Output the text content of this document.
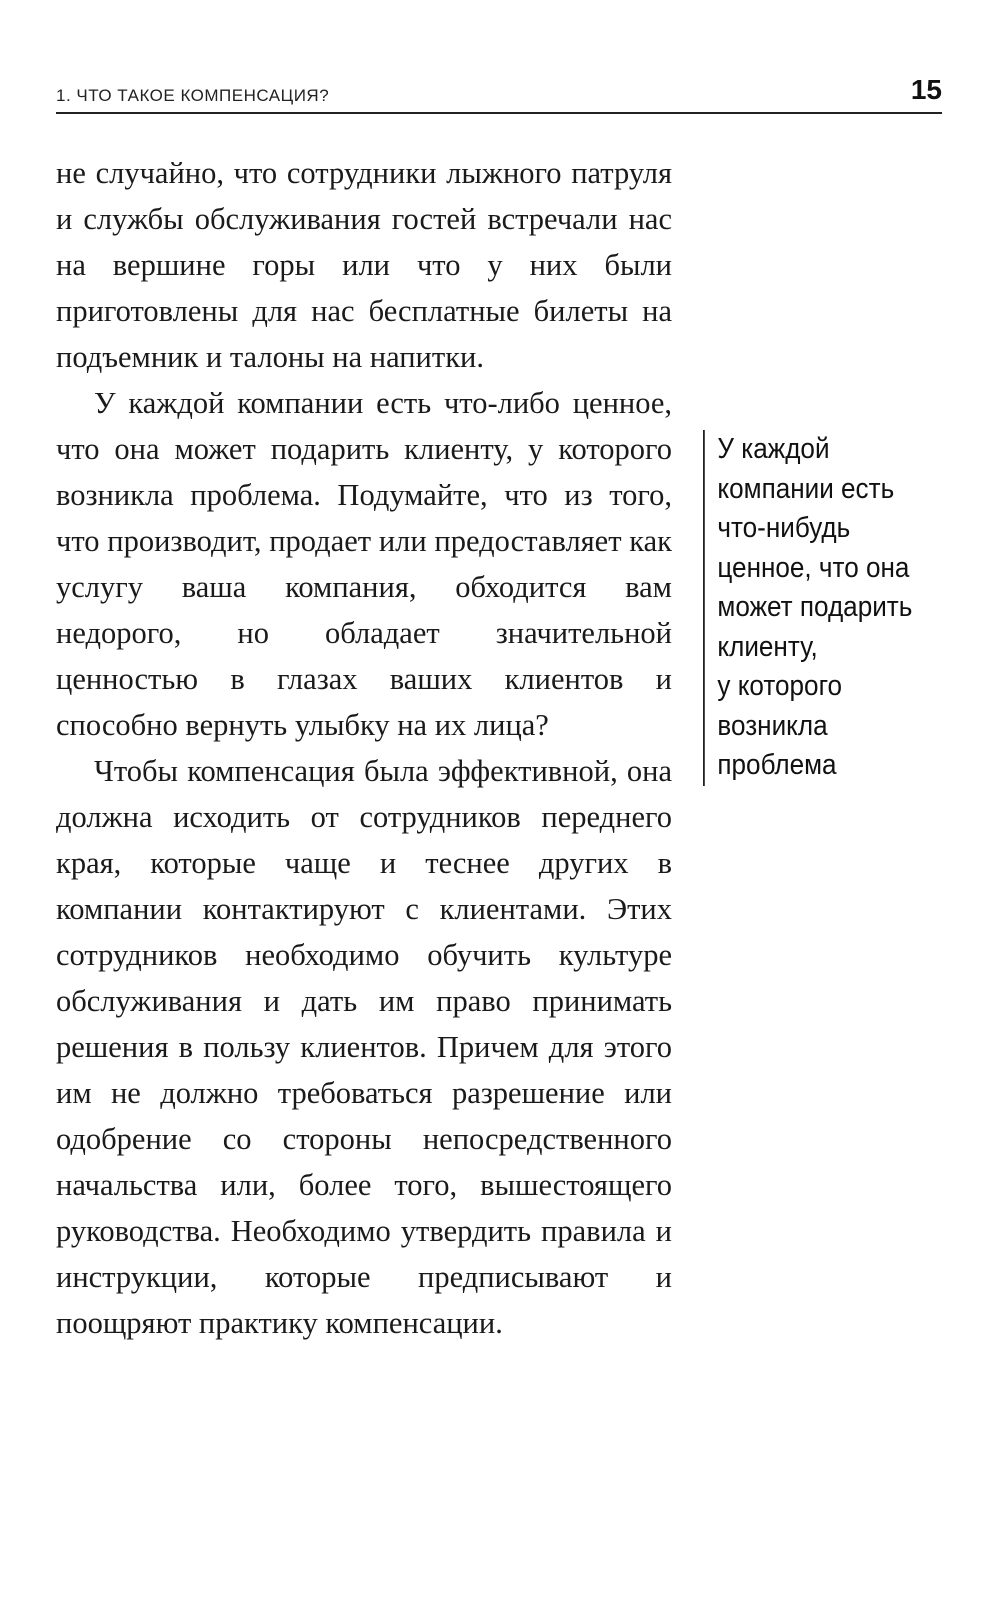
1. ЧТО ТАКОЕ КОМПЕНСАЦИЯ?	15

не случайно, что сотрудники лыжного патруля и службы обслуживания гостей встречали нас на вершине горы или что у них были приготовлены для нас бесплатные билеты на подъемник и талоны на напитки.

У каждой компании есть что-либо ценное, что она может подарить клиенту, у которого возникла проблема. Подумайте, что из того, что производит, продает или предоставляет как услугу ваша компания, обходится вам недорого, но обладает значительной ценностью в глазах ваших клиентов и способно вернуть улыбку на их лица?

Чтобы компенсация была эффективной, она должна исходить от сотрудников переднего края, которые чаще и теснее других в компании контактируют с клиентами. Этих сотрудников необходимо обучить культуре обслуживания и дать им право принимать решения в пользу клиентов. Причем для этого им не должно требоваться разрешение или одобрение со стороны непосредственного начальства или, более того, вышестоящего руководства. Необходимо утвердить правила и инструкции, которые предписывают и поощряют практику компенсации.

У каждой
компании есть
что-нибудь
ценное, что она
может подарить
клиенту,
у которого
возникла
проблема
